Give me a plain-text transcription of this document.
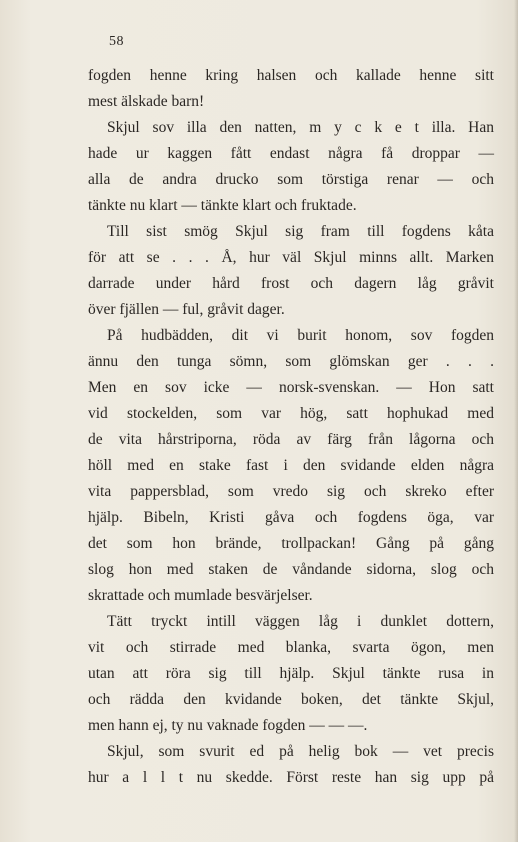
58
fogden henne kring halsen och kallade henne sitt
mest älskade barn!
Skjul sov illa den natten, m y c k e t illa. Han
hade ur kaggen fått endast några få droppar —
alla de andra drucko som törstiga renar — och
tänkte nu klart — tänkte klart och fruktade.
Till sist smög Skjul sig fram till fogdens kåta
för att se . . . Å, hur väl Skjul minns allt. Marken
darrade under hård frost och dagern låg gråvit
över fjällen — ful, gråvit dager.
På hudbädden, dit vi burit honom, sov fogden
ännu den tunga sömn, som glömskan ger . . .
Men en sov icke — norsk-svenskan. — Hon satt
vid stockelden, som var hög, satt hophukad med
de vita hårstriporna, röda av färg från lågorna och
höll med en stake fast i den svidande elden några
vita pappersblad, som vredo sig och skreko efter
hjälp. Bibeln, Kristi gåva och fogdens öga, var
det som hon brände, trollpackan! Gång på gång
slog hon med staken de våndande sidorna, slog och
skrattade och mumlade besvärjelser.
Tätt tryckt intill väggen låg i dunklet dottern,
vit och stirrade med blanka, svarta ögon, men
utan att röra sig till hjälp. Skjul tänkte rusa in
och rädda den kvidande boken, det tänkte Skjul,
men hann ej, ty nu vaknade fogden — — —.
Skjul, som svurit ed på helig bok — vet precis
hur a l l t nu skedde. Först reste han sig upp på
